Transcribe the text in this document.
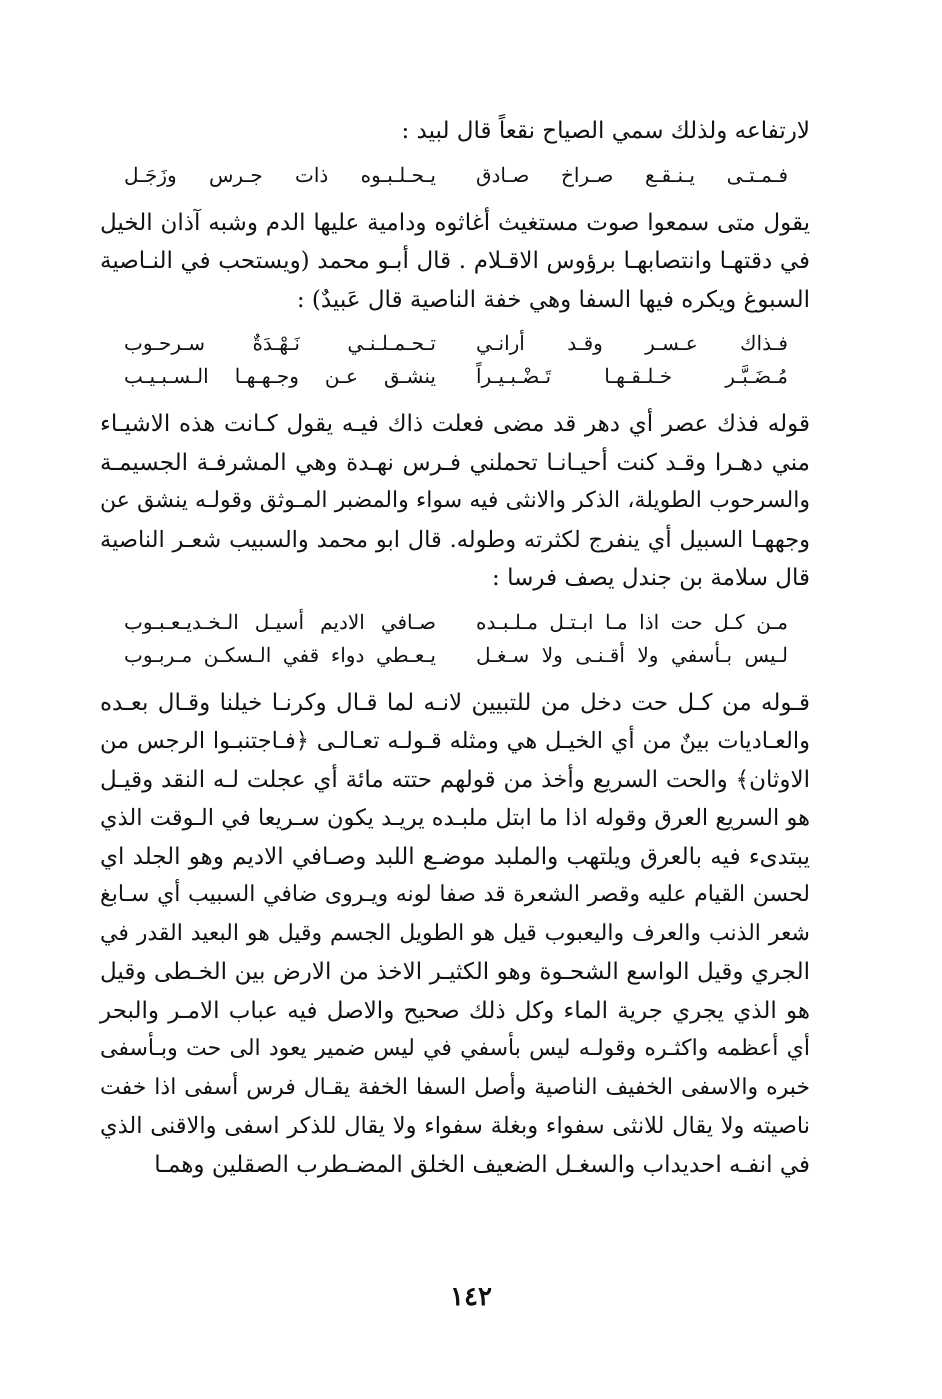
لارتفاعه ولذلك سمي الصياح نقعاً قال لبيد :
فـمـتـى يـنـقـع صـراخ صـادق
يـحـلـبـوه ذات جـرس وزَجَـل
يقول متى سمعوا صوت مستغيث أغاثوه ودامية عليها الدم وشبه آذان الخيل
في دقتهـا وانتصابهـا برؤوس الاقـلام . قال أبـو محمد (ويستحب في النـاصية
السبوغ ويكره فيها السفا وهي خفة الناصية قال عَبيدٌ) :
فـذاك عـسـر وقـد أرانـي
تـحـمـلـنـي نَـهْـدَةٌ سـرحـوب
مُـضَـبَّـر خـلـقـهـا تَـضْـبـيـراً
ينشـق عـن وجـهـهـا الـسـبـيـب
قوله فذك عصر أي دهر قد مضى فعلت ذاك فيـه يقول كـانت هذه الاشيـاء
مني دهـرا وقـد كنت أحيـانـا تحملني فـرس نهـدة وهي المشرفـة الجسيمـة
والسرحوب الطويلة، الذكر والانثى فيه سواء والمضبر المـوثق وقولـه ينشق عن
وجههـا السبيل أي ينفرج لكثرته وطوله. قال ابو محمد والسبيب شعـر الناصية
قال سلامة بن جندل يصف فرسا :
مـن كـل حت اذا مـا ابـتـل مـلـبـده
صـافي الاديم أسيـل الـخـديـعـبـوب
لـيس بـأسفي ولا أقـنـى ولا سـغـل
يـعـطي دواء قفي الـسكـن مـربـوب
قـوله من كـل حت دخل من للتبيين لانـه لما قـال وكرنـا خيلنا وقـال بعـده
والعـاديات بينٌ من أي الخيـل هي ومثله قـولـه تعـالـى ﴿فـاجتنبـوا الرجس من
الاوثان﴾ والحت السريع وأخذ من قولهم حتته مائة أي عجلت لـه النقد وقيـل
هو السريع العرق وقوله اذا ما ابتل ملبـده يريـد يكون سـريعا في الـوقت الذي
يبتدىء فيه بالعرق ويلتهب والملبد موضـع اللبد وصـافي الاديم وهو الجلد اي
لحسن القيام عليه وقصر الشعرة قد صفا لونه ويـروى ضافي السبيب أي سـابغ
شعر الذنب والعرف واليعبوب قيل هو الطويل الجسم وقيل هو البعيد القدر في
الجري وقيل الواسع الشحـوة وهو الكثيـر الاخذ من الارض بين الخـطى وقيل
هو الذي يجري جرية الماء وكل ذلك صحيح والاصل فيه عباب الامـر والبحر
أي أعظمه واكثـره وقولـه ليس بأسفي في ليس ضمير يعود الى حت وبـأسفى
خبره والاسفى الخفيف الناصية وأصل السفا الخفة يقـال فرس أسفى اذا خفت
ناصيته ولا يقال للانثى سفواء وبغلة سفواء ولا يقال للذكر اسفى والاقنى الذي
في انفـه احديداب والسغـل الضعيف الخلق المضـطرب الصقلين وهمـا
١٤٢
